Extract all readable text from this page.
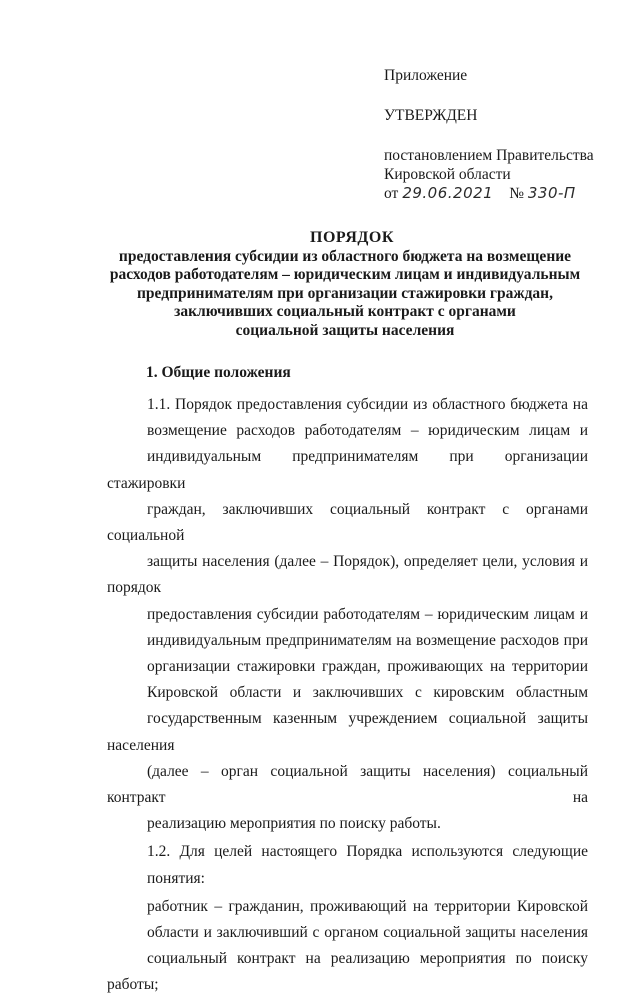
Приложение

УТВЕРЖДЕН

постановлением Правительства

Кировской области

от 29.06.2021 № 330-П

ПОРЯДОК

предоставления субсидии из областного бюджета на возмещение

расходов работодателям – юридическим лицам и индивидуальным

предпринимателям при организации стажировки граждан,

заключивших социальный контракт с органами

социальной защиты населения

1. Общие положения

1.1. Порядок предоставления субсидии из областного бюджета на
возмещение расходов работодателям – юридическим лицам и
индивидуальным предпринимателям при организации стажировки
граждан, заключивших социальный контракт с органами социальной
защиты населения (далее – Порядок), определяет цели, условия и порядок
предоставления субсидии работодателям – юридическим лицам и
индивидуальным предпринимателям на возмещение расходов при
организации стажировки граждан, проживающих на территории
Кировской области и заключивших с кировским областным
государственным казенным учреждением социальной защиты населения
(далее – орган социальной защиты населения) социальный контракт на
реализацию мероприятия по поиску работы.

1.2. Для целей настоящего Порядка используются следующие
понятия:

работник – гражданин, проживающий на территории Кировской
области и заключивший с органом социальной защиты населения
социальный контракт на реализацию мероприятия по поиску работы;
